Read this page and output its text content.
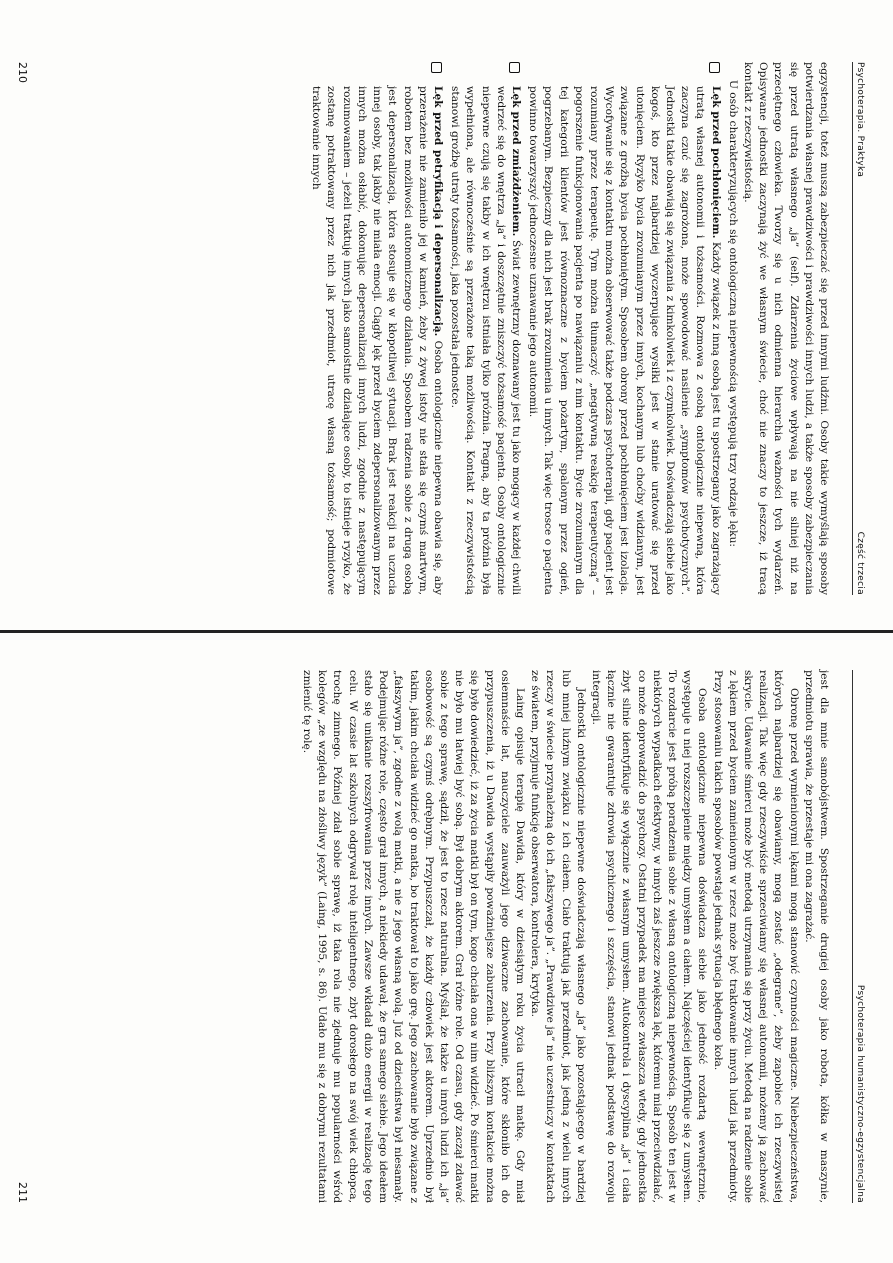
Psychoterapia. Praktyka
Część trzecia

egzystencji, toteż muszą zabezpieczać się przed innymi ludźmi. Osoby takie wymyślają sposoby potwierdzania własnej prawdziwości i prawdziwości innych ludzi, a także sposoby zabezpieczania się przed utratą własnego „ja” (self). Zdarzenia życiowe wpływają na nie silniej niż na przeciętnego człowieka. Tworzy się u nich odmienna hierarchia ważności tych wydarzeń. Opisywane jednostki zaczynają żyć we własnym świecie, choć nie znaczy to jeszcze, iż tracą kontakt z rzeczywistością.

U osób charakteryzujących się ontologiczną niepewnością występują trzy rodzaje lęku:

Lęk przed pochłonięciem. Każdy związek z inną osobą jest tu spostrzegany jako zagrażający utratą własnej autonomii i tożsamości. Rozmowa z osobą ontologicznie niepewną, która zaczyna czuć się zagrożona, może spowodować nasilenie „symptomów psychotycznych”. Jednostki takie obawiają się związania z kimkolwiek i z czymkolwiek. Doświadczają siebie jako kogoś, kto przez najbardziej wyczerpujące wysiłki jest w stanie uratować się przed utonięciem. Ryzyko bycia zrozumianym przez innych, kochanym lub choćby widzianym, jest związane z groźbą bycia pochłoniętym. Sposobem obrony przed pochłonięciem jest izolacja. Wycofywanie się z kontaktu można obserwować także podczas psychoterapii, gdy pacjent jest rozumiany przez terapeutę. Tym można tłumaczyć „negatywną reakcję terapeutyczną” – pogorszenie funkcjonowania pacjenta po nawiązaniu z nim kontaktu. Bycie zrozumianym dla tej kategorii klientów jest równoznaczne z byciem pożartym, spalonym przez ogień, pogrzebanym. Bezpieczny dla nich jest brak zrozumienia u innych. Tak więc trosce o pacjenta powinno towarzyszyć jednoczesne uznawanie jego autonomii.

Lęk przed zmiażdżeniem. Świat zewnętrzny doznawany jest tu jako mogący w każdej chwili wedrzeć się do wnętrza „ja” i doszczętnie zniszczyć tożsamość pacjenta. Osoby ontologicznie niepewne czują się takby w ich wnętrzu istniała tylko próżnia. Pragną, aby ta próżnia była wypełniona, ale równocześnie są przerażone taką możliwością. Kontakt z rzeczywistością stanowi groźbę utraty tożsamości, jaka pozostała jednostce.

Lęk przed petryfikacją i depersonalizacją. Osoba ontologicznie niepewna obawia się, aby przerażenie nie zamieniło jej w kamień, żeby z żywej istoty nie stała się czymś martwym, robotem bez możliwości autonomicznego działania. Sposobem radzenia sobie z drugą osobą jest depersonalizacja, która stosuje się w kłopotliwej sytuacji. Brak jest reakcji na uczucia innej osoby, tak jakby nie miała emocji. Ciągły lęk przed byciem zdepersonalizowanym przez innych można osłabić, dokonując depersonalizacji innych ludzi, zgodnie z następującym rozumowaniem – jeżeli traktuję innych jako samoistnie działające osoby, to istnieje ryzyko, że zostanę potraktowany przez nich jak przedmiot, utracę własną tożsamość; podmiotowe traktowanie innych

210
Psychoterapia humanistyczno-egzystencjalna

jest dla mnie samobójstwem. Spostrzeganie drugiej osoby jako robota, kółka w maszynie, przedmiotu sprawia, że przestaje mi ona zagrażać.

Obronę przed wymienionymi lękami mogą stanowić czynności magiczne. Niebezpieczeństwa, których najbardziej się obawiamy, mogą zostać „odegrane”, żeby zapobiec ich rzeczywistej realizacji. Tak więc gdy rzeczywiście sprzeciwiamy się własnej autonomii, możemy ją zachować skrycie. Udawanie śmierci może być metodą utrzymania się przy życiu. Metodą na radzenie sobie z lękiem przed byciem zamienionym w rzecz może być traktowanie innych ludzi jak przedmioty. Przy stosowaniu takich sposobów powstaje jednak sytuacja błędnego koła.

Osoba ontologicznie niepewna doświadcza siebie jako jedność rozdartą wewnętrznie, występuje u niej rozszczepienie między umysłem a ciałem. Najczęściej identyfikuje się z umysłem. To rozdarcie jest próbą poradzenia sobie z własną ontologiczną niepewnością. Sposób ten jest w niektórych wypadkach efektywny, w innych zaś jeszcze zwiększa lęk, któremu miał przeciwdziałać, co może doprowadzić do psychozy. Ostatni przypadek ma miejsce zwłaszcza wtedy, gdy jednostka zbyt silnie identyfikuje się wyłącznie z własnym umysłem. Autokontrola i dyscyplina „ja” i ciała łącznie nie gwarantuje zdrowia psychicznego i szczęścia, stanowi jednak podstawę do rozwoju integracji.

Jednostki ontologicznie niepewne doświadczają własnego „ja” jako pozostającego w bardziej lub mniej luźnym związku z ich ciałem. Ciało traktują jak przedmiot, jak jedną z wielu innych rzeczy w świecie przynależną do ich „fałszywego ja”. „Prawdziwe ja” nie uczestniczy w kontaktach ze światem, przyjmuje funkcję obserwatora, kontrolera, krytyka.

Laing opisuje terapię Dawida, który w dziesiątym roku życia utracił matkę. Gdy miał osiemnaście lat, nauczyciele zauważyli jego dziwaczne zachowanie, które skłoniło ich do przypuszczenia, iż u Dawida wystąpiły poważniejsze zaburzenia. Przy bliższym kontakcie można się było dowiedzieć, iż za życia matki był on tym, kogo chciała ona w nim widzieć. Po śmierci matki nie było mu łatwiej być sobą. Był dobrym aktorem. Grał różne role. Od czasu, gdy zaczął zdawać sobie z tego sprawę, sądził, że jest to rzecz naturalna. Myślał, że także u innych ludzi ich „ja” osobowość są czymś odrębnym. Przypuszczał, że każdy człowiek jest aktorem. Uprzednio był takim, jakim chciała widzieć go matka, bo traktował to jako grę. Jego zachowanie było związane z „fałszywym ja”, zgodne z wolą matki, a nie z jego własną wolą. Już od dzieciństwa był niesamały. Podejmując różne role, często grał innych, a niekiedy udawał, że gra samego siebie. Jego ideałem stało się unikanie rozszyfrowania przez innych. Zawsze wkładał dużo energii w realizację tego celu. W czasie lat szkolnych odgrywał rolę inteligentnego, zbyt dorosłego na swój wiek chłopca, trochę zimnego. Później zdał sobie sprawę, iż taka rola nie zjednuje mu popularności wśród kolegów „ze względu na złośliwy język” (Laing, 1995, s. 86). Udało mu się z dobrymi rezultatami zmienić tę rolę.

211
